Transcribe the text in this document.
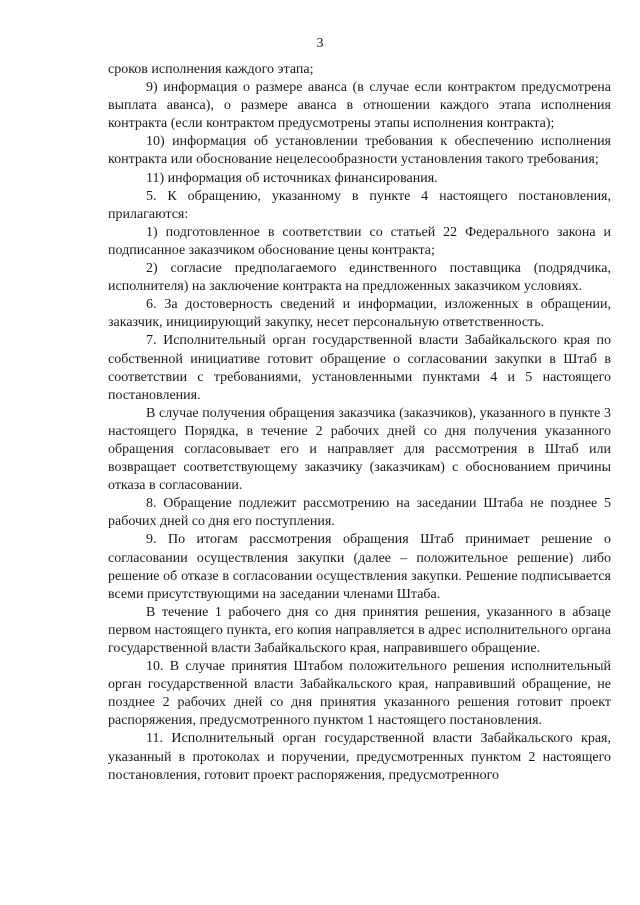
3

сроков исполнения каждого этапа;

9) информация о размере аванса (в случае если контрактом предусмотрена выплата аванса), о размере аванса в отношении каждого этапа исполнения контракта (если контрактом предусмотрены этапы исполнения контракта);

10) информация об установлении требования к обеспечению исполнения контракта или обоснование нецелесообразности установления такого требования;

11) информация об источниках финансирования.

5. К обращению, указанному в пункте 4 настоящего постановления, прилагаются:

1) подготовленное в соответствии со статьей 22 Федерального закона и подписанное заказчиком обоснование цены контракта;

2) согласие предполагаемого единственного поставщика (подрядчика, исполнителя) на заключение контракта на предложенных заказчиком условиях.

6. За достоверность сведений и информации, изложенных в обращении, заказчик, инициирующий закупку, несет персональную ответственность.

7. Исполнительный орган государственной власти Забайкальского края по собственной инициативе готовит обращение о согласовании закупки в Штаб в соответствии с требованиями, установленными пунктами 4 и 5 настоящего постановления.

В случае получения обращения заказчика (заказчиков), указанного в пункте 3 настоящего Порядка, в течение 2 рабочих дней со дня получения указанного обращения согласовывает его и направляет для рассмотрения в Штаб или возвращает соответствующему заказчику (заказчикам) с обоснованием причины отказа в согласовании.

8. Обращение подлежит рассмотрению на заседании Штаба не позднее 5 рабочих дней со дня его поступления.

9. По итогам рассмотрения обращения Штаб принимает решение о согласовании осуществления закупки (далее – положительное решение) либо решение об отказе в согласовании осуществления закупки. Решение подписывается всеми присутствующими на заседании членами Штаба.

В течение 1 рабочего дня со дня принятия решения, указанного в абзаце первом настоящего пункта, его копия направляется в адрес исполнительного органа государственной власти Забайкальского края, направившего обращение.

10. В случае принятия Штабом положительного решения исполнительный орган государственной власти Забайкальского края, направивший обращение, не позднее 2 рабочих дней со дня принятия указанного решения готовит проект распоряжения, предусмотренного пунктом 1 настоящего постановления.

11. Исполнительный орган государственной власти Забайкальского края, указанный в протоколах и поручении, предусмотренных пунктом 2 настоящего постановления, готовит проект распоряжения, предусмотренного
